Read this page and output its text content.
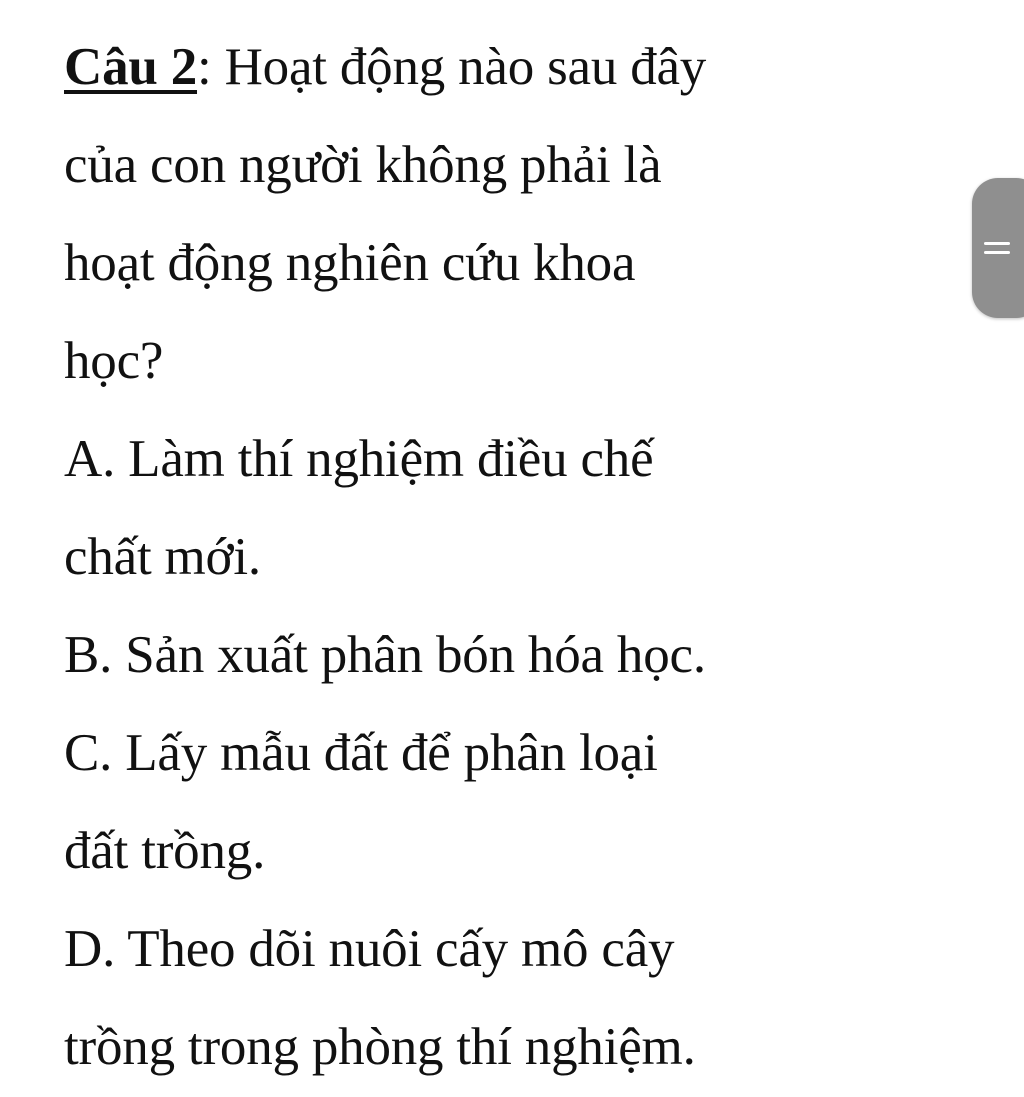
Câu 2: Hoạt động nào sau đây
của con người không phải là
hoạt động nghiên cứu khoa
học?
A. Làm thí nghiệm điều chế
chất mới.
B. Sản xuất phân bón hóa học.
C. Lấy mẫu đất để phân loại
đất trồng.
D. Theo dõi nuôi cấy mô cây
trồng trong phòng thí nghiệm.
